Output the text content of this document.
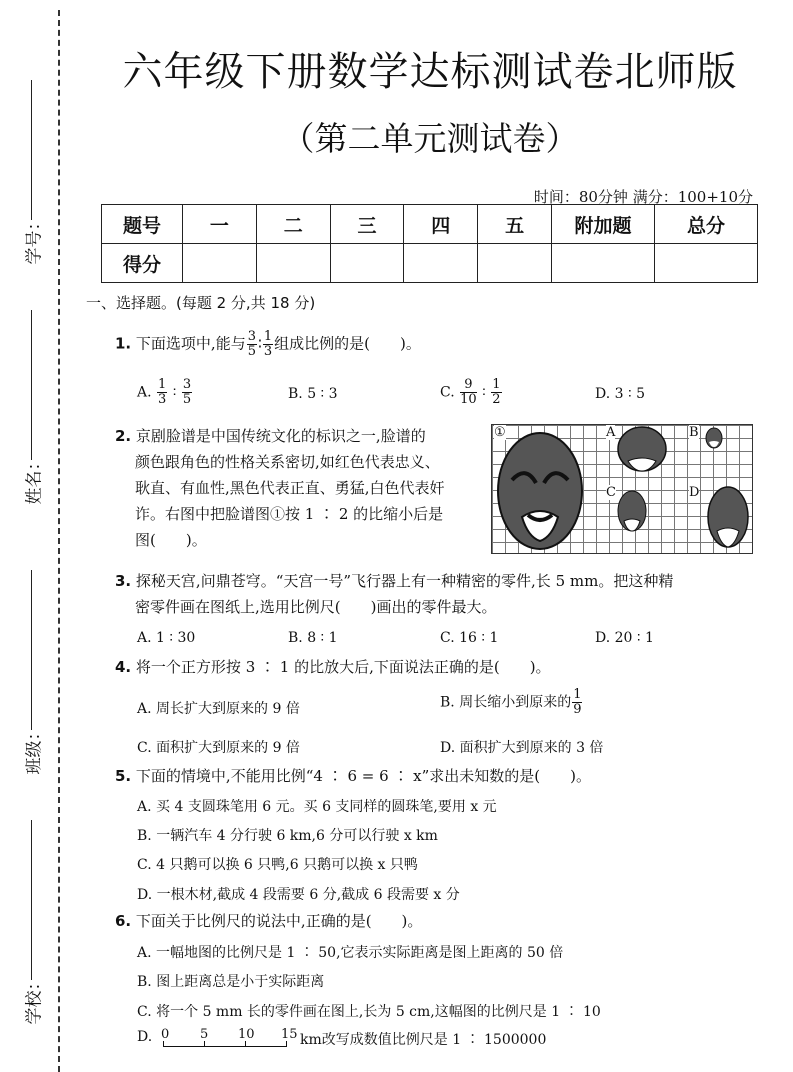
学号：
姓名：
班级：
学校：
六年级下册数学达标测试卷北师版
（第二单元测试卷）
时间：80分钟 满分：100+10分
题号	一	二	三	四	五	附加题	总分
得分							
一、选择题。(每题 2 分,共 18 分)
1. 下面选项中,能与 $\frac{3}{5}$ ∶ $\frac{1}{3}$ 组成比例的是(　　)。
A. $\frac{1}{3}$ ∶ $\frac{3}{5}$	B. 5 ∶ 3	C. $\frac{9}{10}$ ∶ $\frac{1}{2}$	D. 3 ∶ 5
2. 京剧脸谱是中国传统文化的标识之一,脸谱的
颜色跟角色的性格关系密切,如红色代表忠义、
耿直、有血性,黑色代表正直、勇猛,白色代表奸
诈。右图中把脸谱图①按 1 ∶ 2 的比缩小后是
图(　　)。
①	A	B
C	D
3. 探秘天宫,问鼎苍穹。“天宫一号”飞行器上有一种精密的零件,长 5 mm。把这种精
密零件画在图纸上,选用比例尺(　　)画出的零件最大。
A. 1 ∶ 30	B. 8 ∶ 1	C. 16 ∶ 1	D. 20 ∶ 1
4. 将一个正方形按 3 ∶ 1 的比放大后,下面说法正确的是(　　)。
A. 周长扩大到原来的 9 倍	B. 周长缩小到原来的 $\frac{1}{9}$
C. 面积扩大到原来的 9 倍	D. 面积扩大到原来的 3 倍
5. 下面的情境中,不能用比例“4 ∶ 6 = 6 ∶ x”求出未知数的是(　　)。
A. 买 4 支圆珠笔用 6 元。买 6 支同样的圆珠笔,要用 x 元
B. 一辆汽车 4 分行驶 6 km,6 分可以行驶 x km
C. 4 只鹅可以换 6 只鸭,6 只鹅可以换 x 只鸭
D. 一根木材,截成 4 段需要 6 分,截成 6 段需要 x 分
6. 下面关于比例尺的说法中,正确的是(　　)。
A. 一幅地图的比例尺是 1 ∶ 50,它表示实际距离是图上距离的 50 倍
B. 图上距离总是小于实际距离
C. 将一个 5 mm 长的零件画在图上,长为 5 cm,这幅图的比例尺是 1 ∶ 10
D. 0 5 10 15 km改写成数值比例尺是 1 ∶ 1500000
